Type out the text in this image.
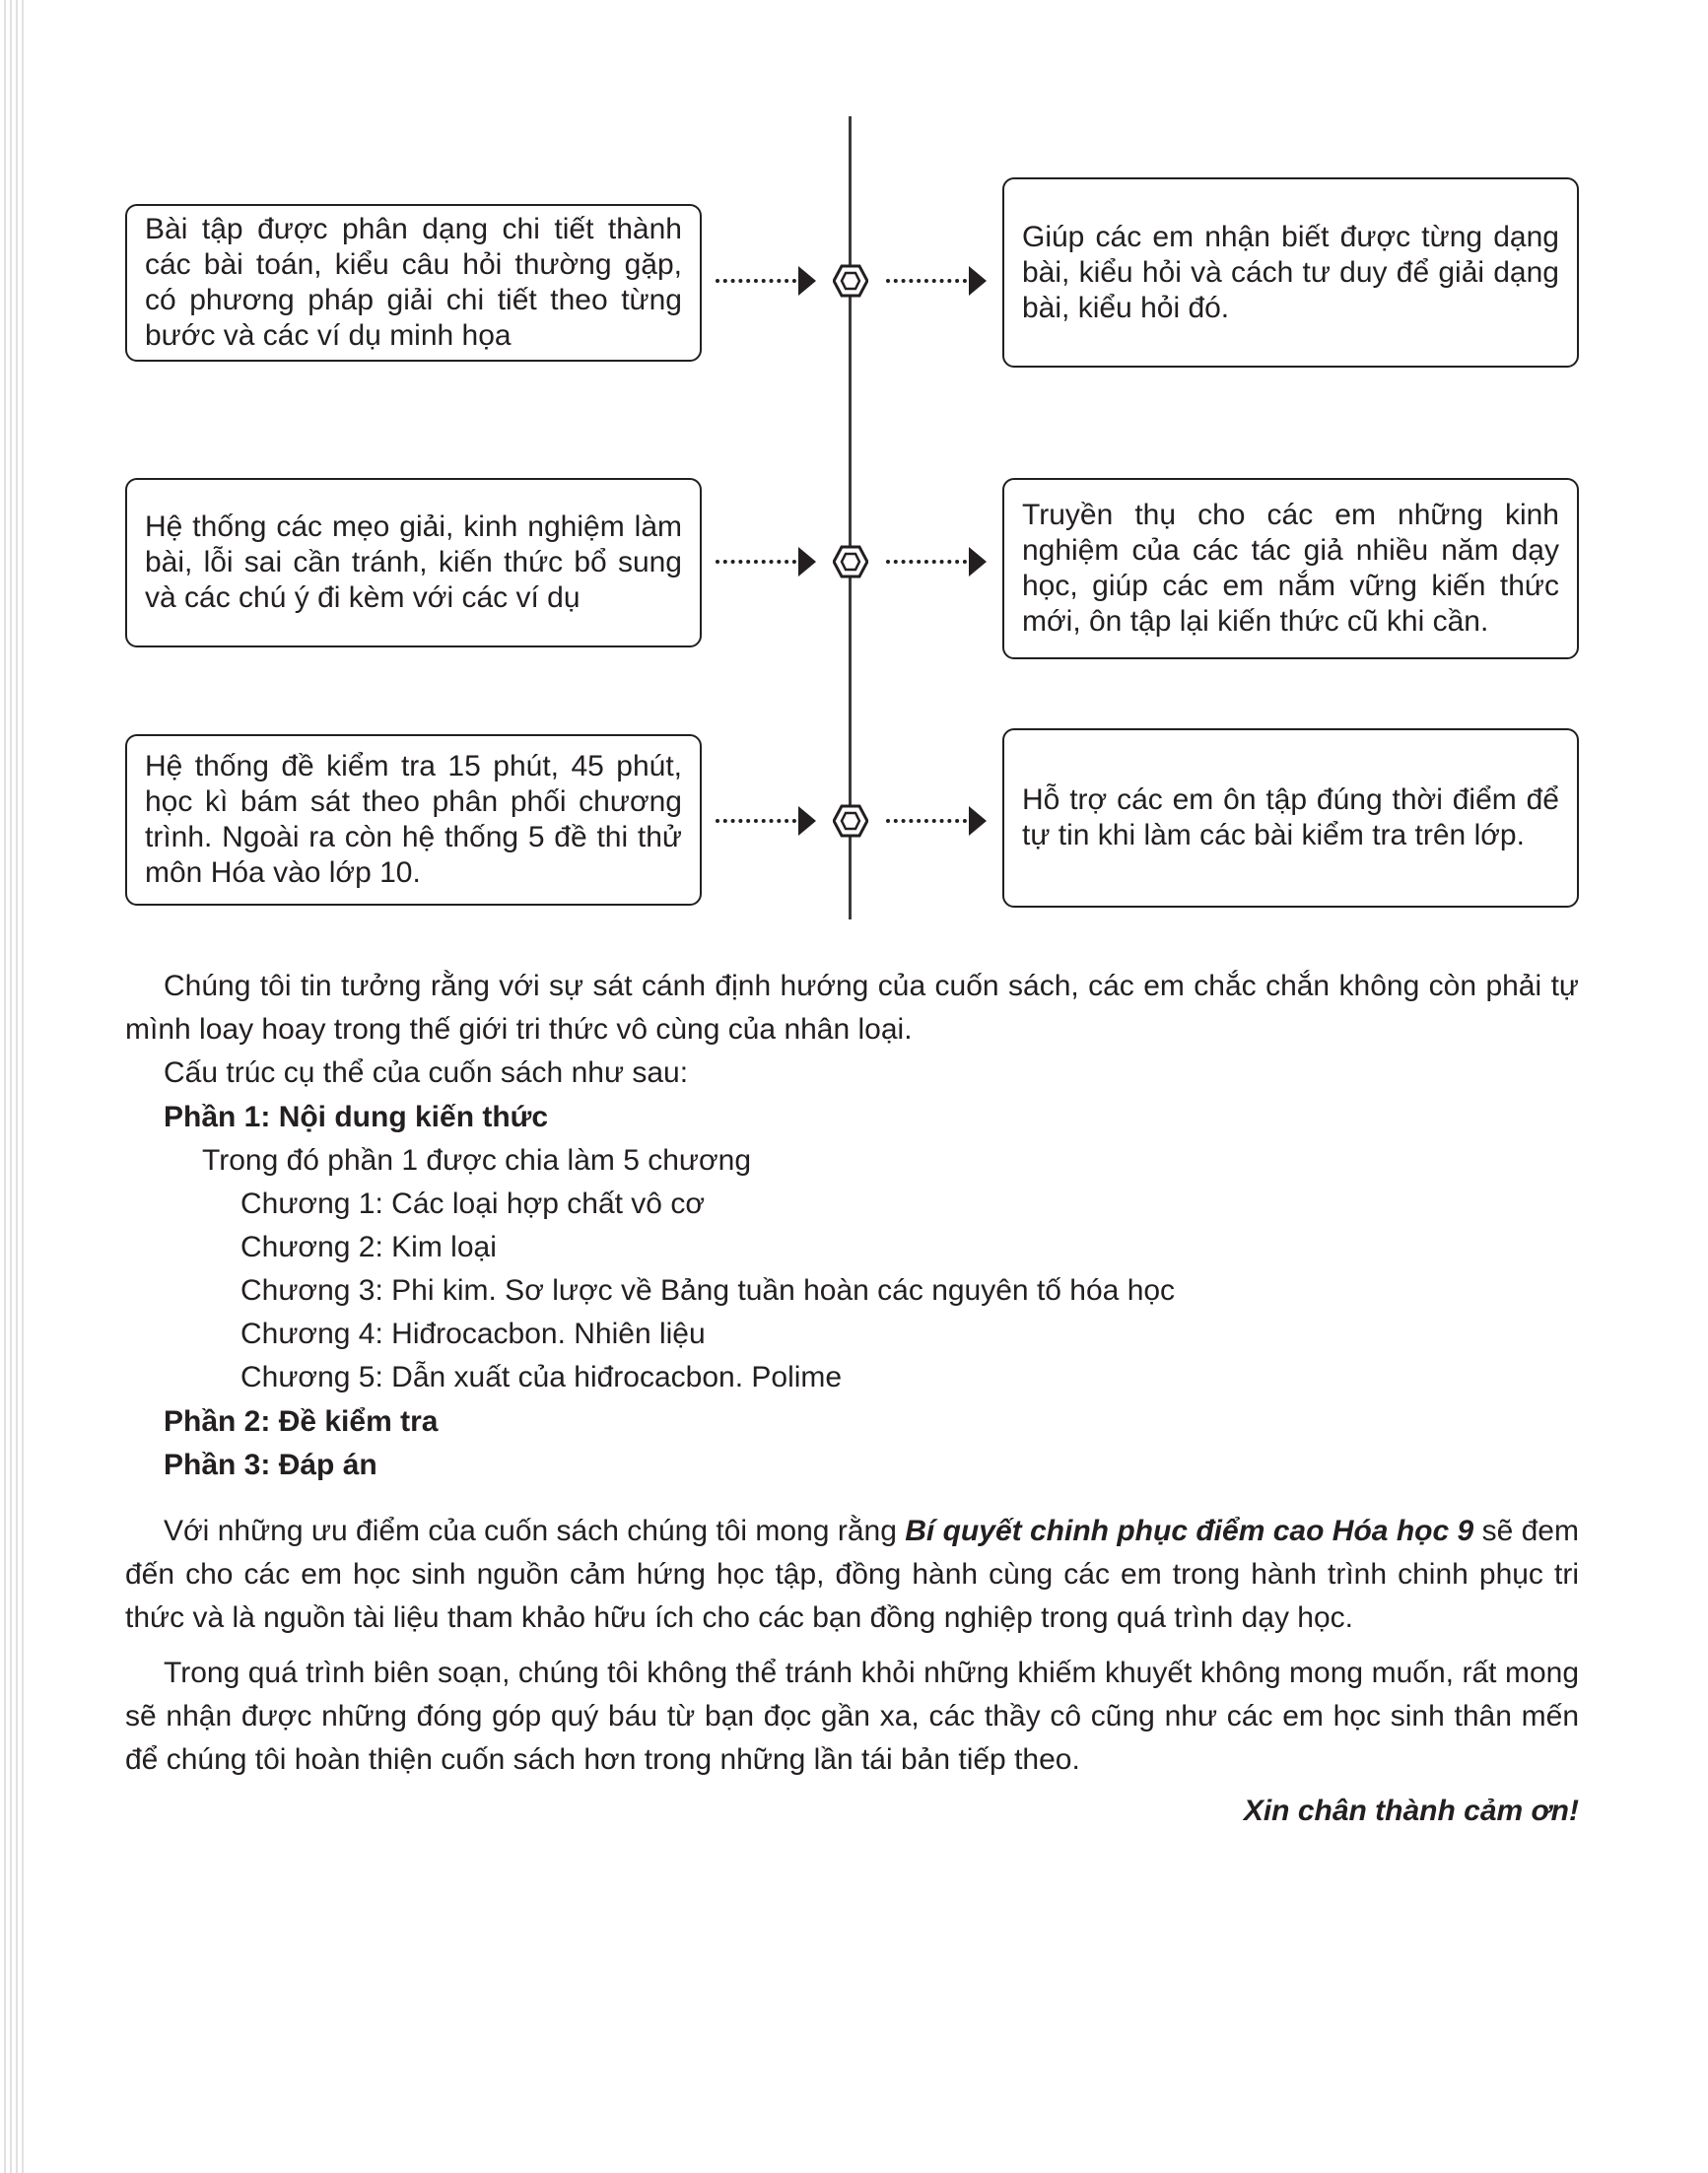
Bài tập được phân dạng chi tiết thành các bài toán, kiểu câu hỏi thường gặp, có phương pháp giải chi tiết theo từng bước và các ví dụ minh họa
Giúp các em nhận biết được từng dạng bài, kiểu hỏi và cách tư duy để giải dạng bài, kiểu hỏi đó.
Hệ thống các mẹo giải, kinh nghiệm làm bài, lỗi sai cần tránh, kiến thức bổ sung và các chú ý đi kèm với các ví dụ
Truyền thụ cho các em những kinh nghiệm của các tác giả nhiều năm dạy học, giúp các em nắm vững kiến thức mới, ôn tập lại kiến thức cũ khi cần.
Hệ thống đề kiểm tra 15 phút, 45 phút, học kì bám sát theo phân phối chương trình. Ngoài ra còn hệ thống 5 đề thi thử môn Hóa vào lớp 10.
Hỗ trợ các em ôn tập đúng thời điểm để tự tin khi làm các bài kiểm tra trên lớp.
Chúng tôi tin tưởng rằng với sự sát cánh định hướng của cuốn sách, các em chắc chắn không còn phải tự mình loay hoay trong thế giới tri thức vô cùng của nhân loại.
Cấu trúc cụ thể của cuốn sách như sau:
Phần 1: Nội dung kiến thức
Trong đó phần 1 được chia làm 5 chương
Chương 1: Các loại hợp chất vô cơ
Chương 2: Kim loại
Chương 3: Phi kim. Sơ lược về Bảng tuần hoàn các nguyên tố hóa học
Chương 4: Hiđrocacbon. Nhiên liệu
Chương 5: Dẫn xuất của hiđrocacbon. Polime
Phần 2: Đề kiểm tra
Phần 3: Đáp án
Với những ưu điểm của cuốn sách chúng tôi mong rằng Bí quyết chinh phục điểm cao Hóa học 9 sẽ đem đến cho các em học sinh nguồn cảm hứng học tập, đồng hành cùng các em trong hành trình chinh phục tri thức và là nguồn tài liệu tham khảo hữu ích cho các bạn đồng nghiệp trong quá trình dạy học.
Trong quá trình biên soạn, chúng tôi không thể tránh khỏi những khiếm khuyết không mong muốn, rất mong sẽ nhận được những đóng góp quý báu từ bạn đọc gần xa, các thầy cô cũng như các em học sinh thân mến để chúng tôi hoàn thiện cuốn sách hơn trong những lần tái bản tiếp theo.
Xin chân thành cảm ơn!
